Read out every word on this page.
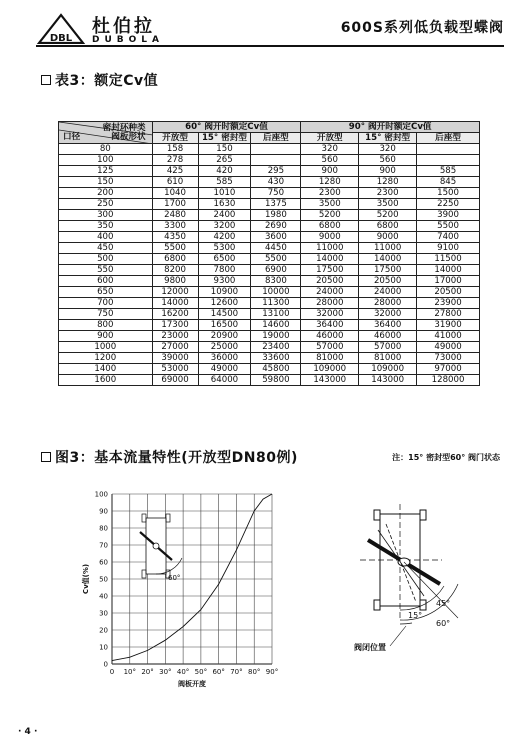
DBL
杜伯拉
DUBOLA
600S系列低负载型蝶阀
表3：额定Cv值
密封环种类
口径 阀板形状	60° 阀开时额定Cv值			90° 阀开时额定Cv值		
	开放型	15° 密封型	后座型	开放型	15° 密封型	后座型
80	158	150		320	320	
100	278	265		560	560	
125	425	420	295	900	900	585
150	610	585	430	1280	1280	845
200	1040	1010	750	2300	2300	1500
250	1700	1630	1375	3500	3500	2250
300	2480	2400	1980	5200	5200	3900
350	3300	3200	2690	6800	6800	5500
400	4350	4200	3600	9000	9000	7400
450	5500	5300	4450	11000	11000	9100
500	6800	6500	5500	14000	14000	11500
550	8200	7800	6900	17500	17500	14000
600	9800	9300	8300	20500	20500	17000
650	12000	10900	10000	24000	24000	20500
700	14000	12600	11300	28000	28000	23900
750	16200	14500	13100	32000	32000	27800
800	17300	16500	14600	36400	36400	31900
900	23000	20900	19000	46000	46000	41000
1000	27000	25000	23400	57000	57000	49000
1200	39000	36000	33600	81000	81000	73000
1400	53000	49000	45800	109000	109000	97000
1600	69000	64000	59800	143000	143000	128000
图3：基本流量特性(开放型DN80例)	注：15° 密封型60° 阀门状态
0 10° 20° 30° 40° 50° 60° 70° 80° 90°
0
10
20
30
40
50
60
70
80
90
100
阀板开度
Cv值(%)	60°
15°
45°
60°
阀闭位置
· 4 ·
